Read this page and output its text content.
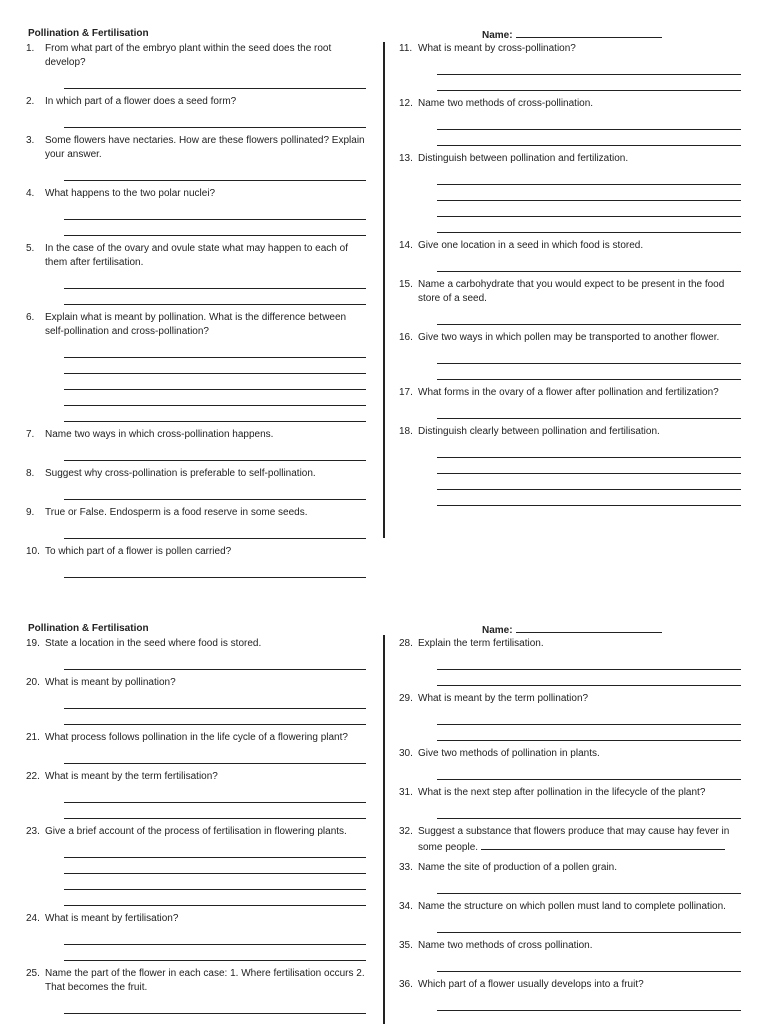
Pollination & Fertilisation	Name:
1. From what part of the embryo plant within the seed does the root develop?
2. In which part of a flower does a seed form?
3. Some flowers have nectaries. How are these flowers pollinated? Explain your answer.
4. What happens to the two polar nuclei?
5. In the case of the ovary and ovule state what may happen to each of them after fertilisation.
6. Explain what is meant by pollination. What is the difference between self-pollination and cross-pollination?
7. Name two ways in which cross-pollination happens.
8. Suggest why cross-pollination is preferable to self-pollination.
9. True or False. Endosperm is a food reserve in some seeds.
10. To which part of a flower is pollen carried?
11. What is meant by cross-pollination?
12. Name two methods of cross-pollination.
13. Distinguish between pollination and fertilization.
14. Give one location in a seed in which food is stored.
15. Name a carbohydrate that you would expect to be present in the food store of a seed.
16. Give two ways in which pollen may be transported to another flower.
17. What forms in the ovary of a flower after pollination and fertilization?
18. Distinguish clearly between pollination and fertilisation.
Pollination & Fertilisation	Name:
19. State a location in the seed where food is stored.
20. What is meant by pollination?
21. What process follows pollination in the life cycle of a flowering plant?
22. What is meant by the term fertilisation?
23. Give a brief account of the process of fertilisation in flowering plants.
24. What is meant by fertilisation?
25. Name the part of the flower in each case: 1. Where fertilisation occurs 2. That becomes the fruit.
28. Explain the term fertilisation.
29. What is meant by the term pollination?
30. Give two methods of pollination in plants.
31. What is the next step after pollination in the lifecycle of the plant?
32. Suggest a substance that flowers produce that may cause hay fever in some people.
33. Name the site of production of a pollen grain.
34. Name the structure on which pollen must land to complete pollination.
35. Name two methods of cross pollination.
36. Which part of a flower usually develops into a fruit?
